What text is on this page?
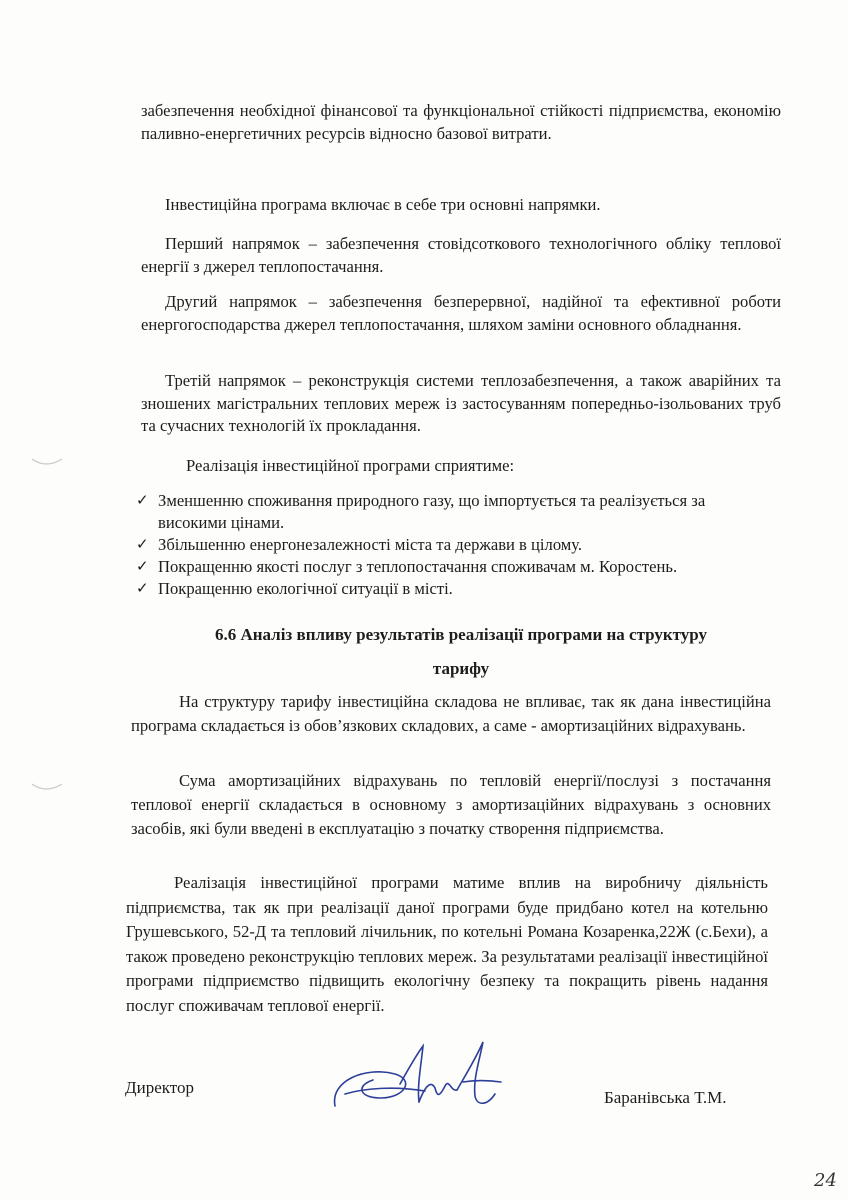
забезпечення необхідної фінансової та функціональної стійкості підприємства, економію паливно-енергетичних ресурсів відносно базової витрати.

Інвестиційна програма включає в себе три основні напрямки.

Перший напрямок – забезпечення стовідсоткового технологічного обліку теплової енергії з джерел теплопостачання.

Другий напрямок – забезпечення безперервної, надійної та ефективної роботи енергогосподарства джерел теплопостачання, шляхом заміни основного обладнання.

Третій напрямок – реконструкція системи теплозабезпечення, а також аварійних та зношених магістральних теплових мереж із застосуванням попередньо-ізольованих труб та сучасних технологій їх прокладання.

Реалізація інвестиційної програми сприятиме:

✓ Зменшенню споживання природного газу, що імпортується та реалізується за високими цінами.
✓ Збільшенню енергонезалежності міста та держави в цілому.
✓ Покращенню якості послуг з теплопостачання споживачам м. Коростень.
✓ Покращенню екологічної ситуації в місті.
6.6 Аналіз впливу результатів реалізації програми на структуру
тарифу

На структуру тарифу інвестиційна складова не впливає, так як дана інвестиційна програма складається із обов’язкових складових, а саме - амортизаційних відрахувань.

Сума амортизаційних відрахувань по тепловій енергії/послузі з постачання теплової енергії складається в основному з амортизаційних відрахувань з основних засобів, які були введені в експлуатацію з початку створення підприємства.

Реалізація інвестиційної програми матиме вплив на виробничу діяльність підприємства, так як при реалізації даної програми буде придбано котел на котельню Грушевського, 52-Д та тепловий лічильник, по котельні Романа Козаренка,22Ж (с.Бехи), а також проведено реконструкцію теплових мереж. За результатами реалізації інвестиційної програми підприємство підвищить екологічну безпеку та покращить рівень надання послуг споживачам теплової енергії.

Директор
Баранівська Т.М.
24
